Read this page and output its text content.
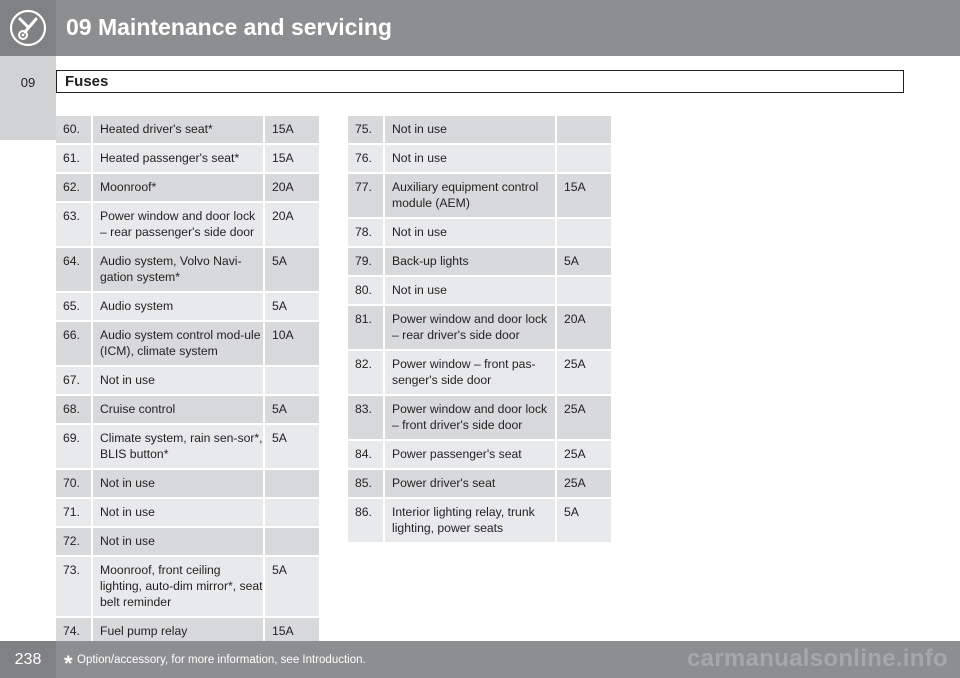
09 Maintenance and servicing
09	Fuses
60.	Heated driver's seat*	15A
61.	Heated passenger's seat*	15A
62.	Moonroof*	20A
63.	Power window and door lock – rear passenger's side door	20A
64.	Audio system, Volvo Navi-gation system*	5A
65.	Audio system	5A
66.	Audio system control mod-ule (ICM), climate system	10A
67.	Not in use	
68.	Cruise control	5A
69.	Climate system, rain sen-sor*, BLIS button*	5A
70.	Not in use	
71.	Not in use	
72.	Not in use	
73.	Moonroof, front ceiling lighting, auto-dim mirror*, seat belt reminder	5A
74.	Fuel pump relay	15A
75.	Not in use	
76.	Not in use	
77.	Auxiliary equipment control module (AEM)	15A
78.	Not in use	
79.	Back-up lights	5A
80.	Not in use	
81.	Power window and door lock – rear driver's side door	20A
82.	Power window – front pas-senger's side door	25A
83.	Power window and door lock – front driver's side door	25A
84.	Power passenger's seat	25A
85.	Power driver's seat	25A
86.	Interior lighting relay, trunk lighting, power seats	5A
238	* Option/accessory, for more information, see Introduction.	carmanualsonline.info
